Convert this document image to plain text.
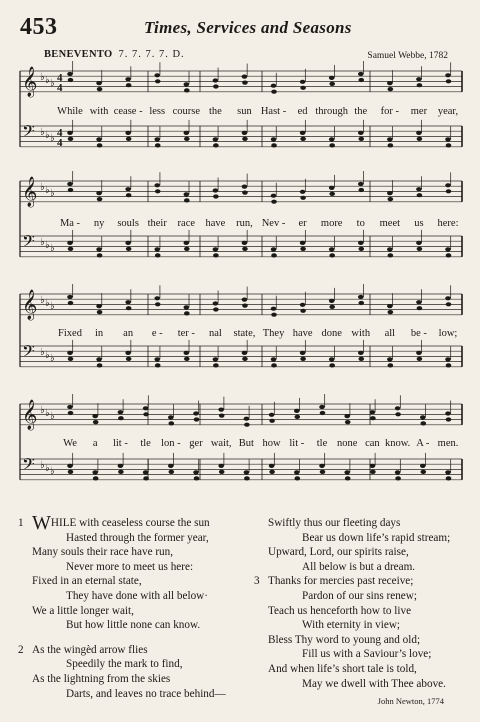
453	Times, Services and Seasons
BENEVENTO 7. 7. 7. 7. D.	Samuel Webbe, 1782
𝄞 ♭ ♭ ♭ 4
4
𝄢 ♭ ♭ ♭ 4
4
𝄞 ♭ ♭ ♭
𝄢 ♭ ♭ ♭
𝄞 ♭ ♭ ♭
𝄢 ♭ ♭ ♭
𝄞 ♭ ♭ ♭
𝄢 ♭ ♭ ♭
While with cease - less course the sun Hast - ed through the for - mer year,
Ma - ny souls their race have run, Nev - er more to meet us here:
Fixed in an e - ter - nal state, They have done with all be - low;
We a lit - tle lon - ger wait, But how lit - tle none can know. A - men.
1 WHILE with ceaseless course the sun
Hasted through the former year,
Many souls their race have run,
Never more to meet us here:
Fixed in an eternal state,
They have done with all below·
We a little longer wait,
But how little none can know.
2 As the wingèd arrow flies
Speedily the mark to find,
As the lightning from the skies
Darts, and leaves no trace behind—
Swiftly thus our fleeting days
Bear us down life’s rapid stream;
Upward, Lord, our spirits raise,
All below is but a dream.
3 Thanks for mercies past receive;
Pardon of our sins renew;
Teach us henceforth how to live
With eternity in view;
Bless Thy word to young and old;
Fill us with a Saviour’s love;
And when life’s short tale is told,
May we dwell with Thee above.
John Newton, 1774
